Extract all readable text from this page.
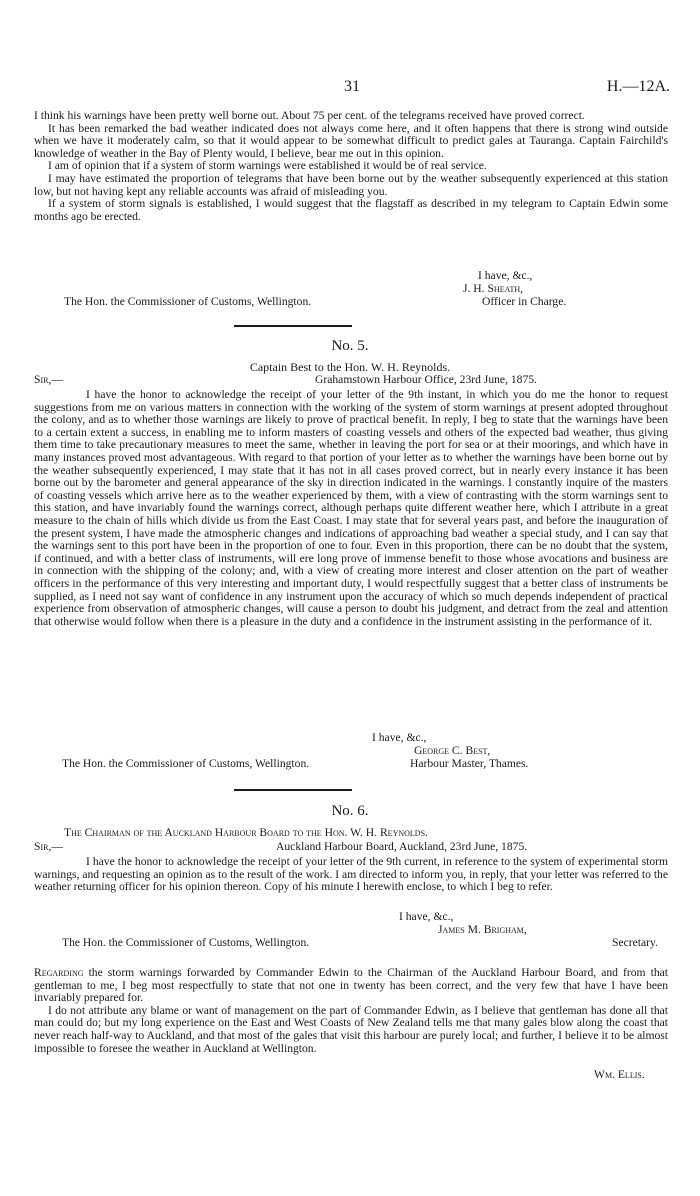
31	H.—12A.

I think his warnings have been pretty well borne out. About 75 per cent. of the telegrams received have proved correct.

It has been remarked the bad weather indicated does not always come here, and it often happens that there is strong wind outside when we have it moderately calm, so that it would appear to be somewhat difficult to predict gales at Tauranga. Captain Fairchild's knowledge of weather in the Bay of Plenty would, I believe, bear me out in this opinion.

I am of opinion that if a system of storm warnings were established it would be of real service.

I may have estimated the proportion of telegrams that have been borne out by the weather subsequently experienced at this station low, but not having kept any reliable accounts was afraid of misleading you.

If a system of storm signals is established, I would suggest that the flagstaff as described in my telegram to Captain Edwin some months ago be erected.

I have, &c.,
J. H. Sheath,
The Hon. the Commissioner of Customs, Wellington.	Officer in Charge.
No. 5.
Captain Best to the Hon. W. H. Reynolds.
Sir,—	Grahamstown Harbour Office, 23rd June, 1875.

I have the honor to acknowledge the receipt of your letter of the 9th instant, in which you do me the honor to request suggestions from me on various matters in connection with the working of the system of storm warnings at present adopted throughout the colony, and as to whether those warnings are likely to prove of practical benefit. In reply, I beg to state that the warnings have been to a certain extent a success, in enabling me to inform masters of coasting vessels and others of the expected bad weather, thus giving them time to take precautionary measures to meet the same, whether in leaving the port for sea or at their moorings, and which have in many instances proved most advantageous. With regard to that portion of your letter as to whether the warnings have been borne out by the weather subsequently experienced, I may state that it has not in all cases proved correct, but in nearly every instance it has been borne out by the barometer and general appearance of the sky in direction indicated in the warnings. I constantly inquire of the masters of coasting vessels which arrive here as to the weather experienced by them, with a view of contrasting with the storm warnings sent to this station, and have invariably found the warnings correct, although perhaps quite different weather here, which I attribute in a great measure to the chain of hills which divide us from the East Coast. I may state that for several years past, and before the inauguration of the present system, I have made the atmospheric changes and indications of approaching bad weather a special study, and I can say that the warnings sent to this port have been in the proportion of one to four. Even in this proportion, there can be no doubt that the system, if continued, and with a better class of instruments, will ere long prove of immense benefit to those whose avocations and business are in connection with the shipping of the colony; and, with a view of creating more interest and closer attention on the part of weather officers in the performance of this very interesting and important duty, I would respectfully suggest that a better class of instruments be supplied, as I need not say want of confidence in any instrument upon the accuracy of which so much depends independent of practical experience from observation of atmospheric changes, will cause a person to doubt his judgment, and detract from the zeal and attention that otherwise would follow when there is a pleasure in the duty and a confidence in the instrument assisting in the performance of it.

I have, &c.,
George C. Best,
The Hon. the Commissioner of Customs, Wellington.	Harbour Master, Thames.
No. 6.
The Chairman of the Auckland Harbour Board to the Hon. W. H. Reynolds.
Sir,—	Auckland Harbour Board, Auckland, 23rd June, 1875.

I have the honor to acknowledge the receipt of your letter of the 9th current, in reference to the system of experimental storm warnings, and requesting an opinion as to the result of the work. I am directed to inform you, in reply, that your letter was referred to the weather returning officer for his opinion thereon. Copy of his minute I herewith enclose, to which I beg to refer.

I have, &c.,
James M. Brigham,
The Hon. the Commissioner of Customs, Wellington.	Secretary.

Regarding the storm warnings forwarded by Commander Edwin to the Chairman of the Auckland Harbour Board, and from that gentleman to me, I beg most respectfully to state that not one in twenty has been correct, and the very few that have I have been invariably prepared for.

I do not attribute any blame or want of management on the part of Commander Edwin, as I believe that gentleman has done all that man could do; but my long experience on the East and West Coasts of New Zealand tells me that many gales blow along the coast that never reach half-way to Auckland, and that most of the gales that visit this harbour are purely local; and further, I believe it to be almost impossible to foresee the weather in Auckland at Wellington.

Wm. Ellis.
